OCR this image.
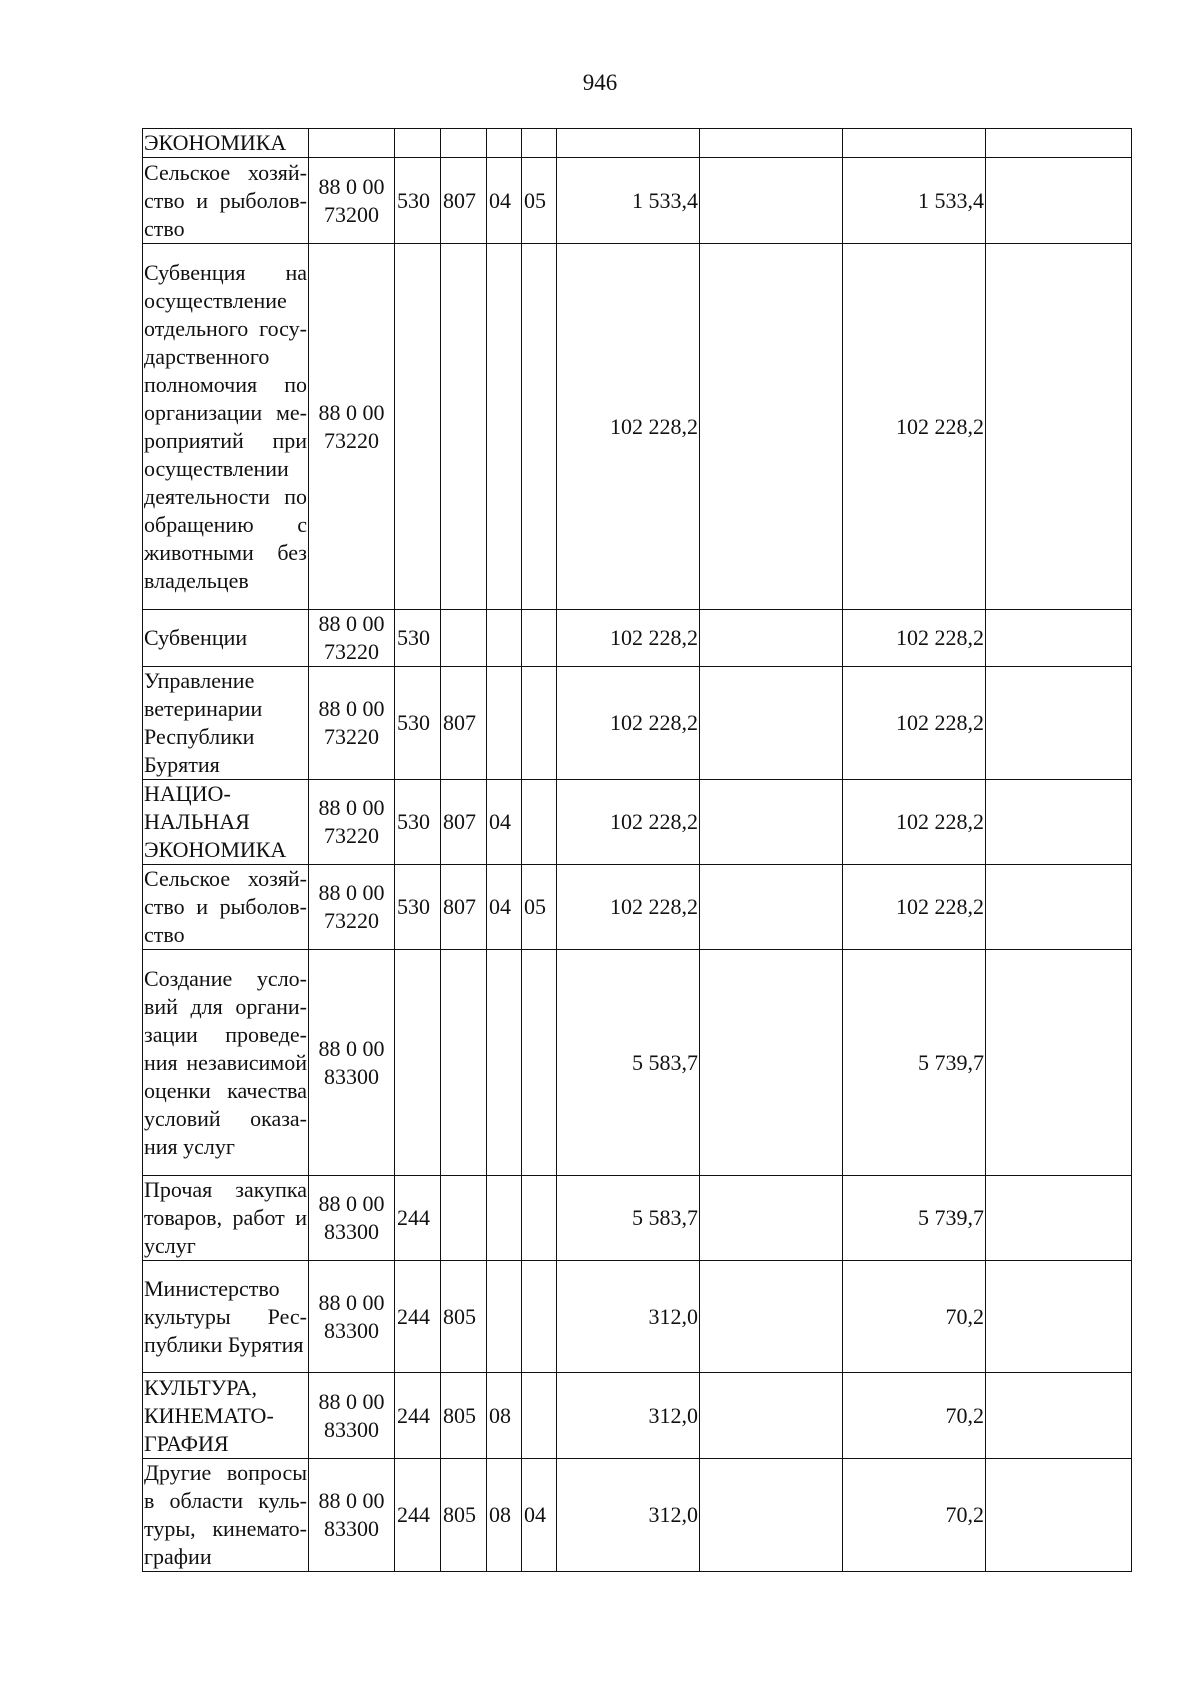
946
ЭКОНОМИКА									
Сельское хозяйство и рыболовство	88 0 00 73200	530	807	04	05	1 533,4		1 533,4	
Субвенция на осуществление отдельного государственного полномочия по организации мероприятий при осуществлении деятельности по обращению с животными без владельцев	88 0 00 73220					102 228,2		102 228,2	
Субвенции	88 0 00 73220	530				102 228,2		102 228,2	
Управление ветеринарии Республики Бурятия	88 0 00 73220	530	807			102 228,2		102 228,2	
НАЦИОНАЛЬНАЯ ЭКОНОМИКА	88 0 00 73220	530	807	04		102 228,2		102 228,2	
Сельское хозяйство и рыболовство	88 0 00 73220	530	807	04	05	102 228,2		102 228,2	
Создание условий для организации проведения независимой оценки качества условий оказания услуг	88 0 00 83300					5 583,7		5 739,7	
Прочая закупка товаров, работ и услуг	88 0 00 83300	244				5 583,7		5 739,7	
Министерство культуры Республики Бурятия	88 0 00 83300	244	805			312,0		70,2	
КУЛЬТУРА, КИНЕМАТОГРАФИЯ	88 0 00 83300	244	805	08		312,0		70,2	
Другие вопросы в области культуры, кинематографии	88 0 00 83300	244	805	08	04	312,0		70,2	
